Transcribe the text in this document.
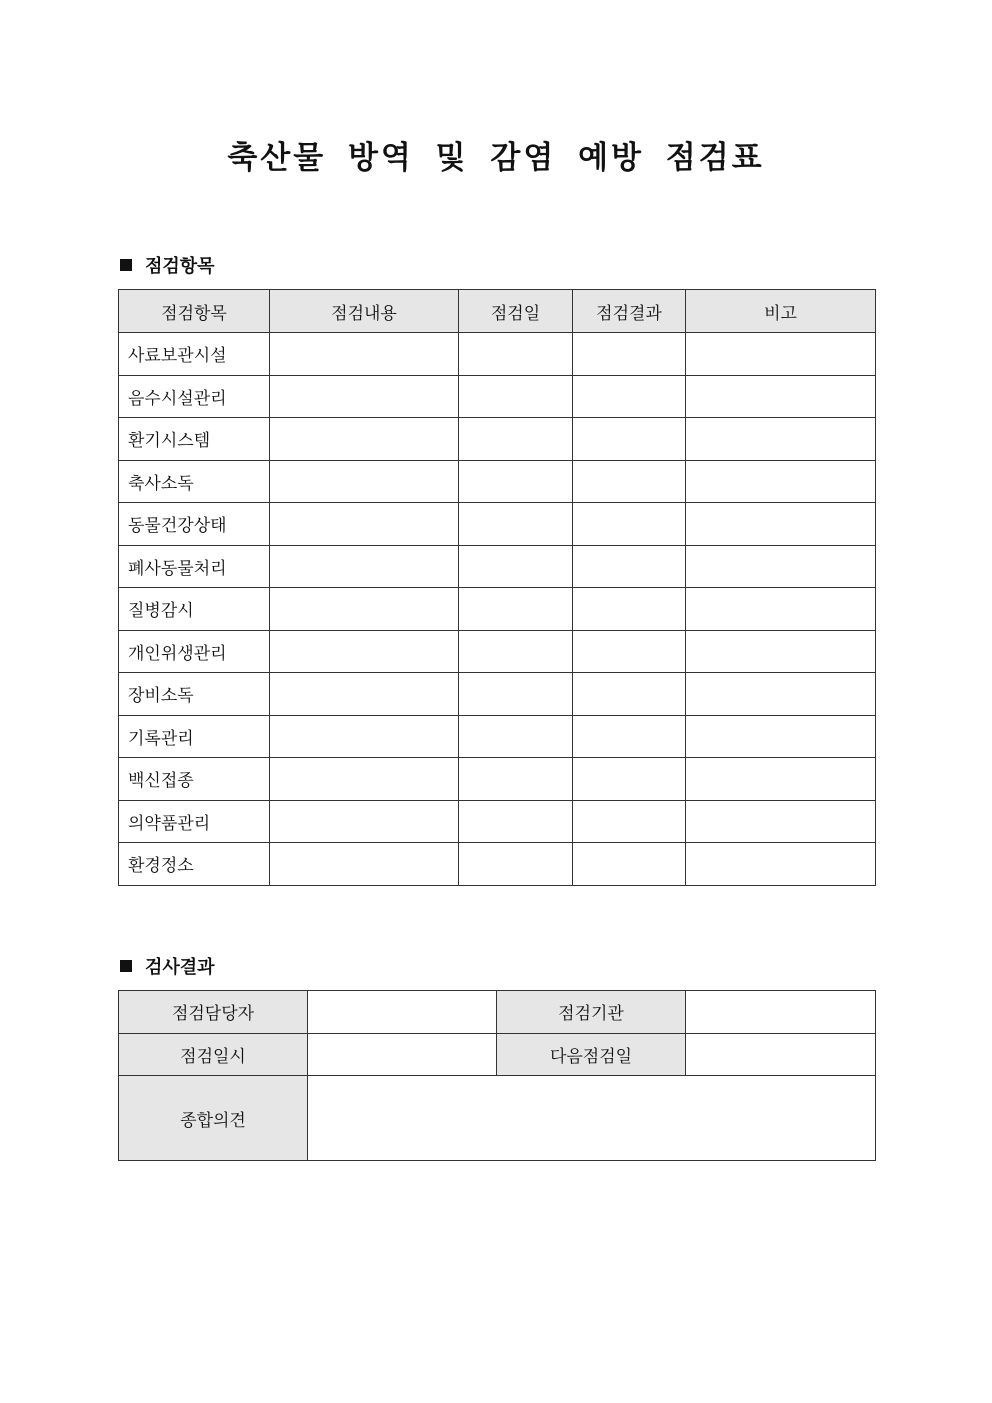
축산물 방역 및 감염 예방 점검표
점검항목
점검항목	점검내용	점검일	점검결과	비고
사료보관시설				
음수시설관리				
환기시스템				
축사소독				
동물건강상태				
폐사동물처리				
질병감시				
개인위생관리				
장비소독				
기록관리				
백신접종				
의약품관리				
환경정소				
검사결과
점검담당자		점검기관	
점검일시		다음점검일	
종합의견			
